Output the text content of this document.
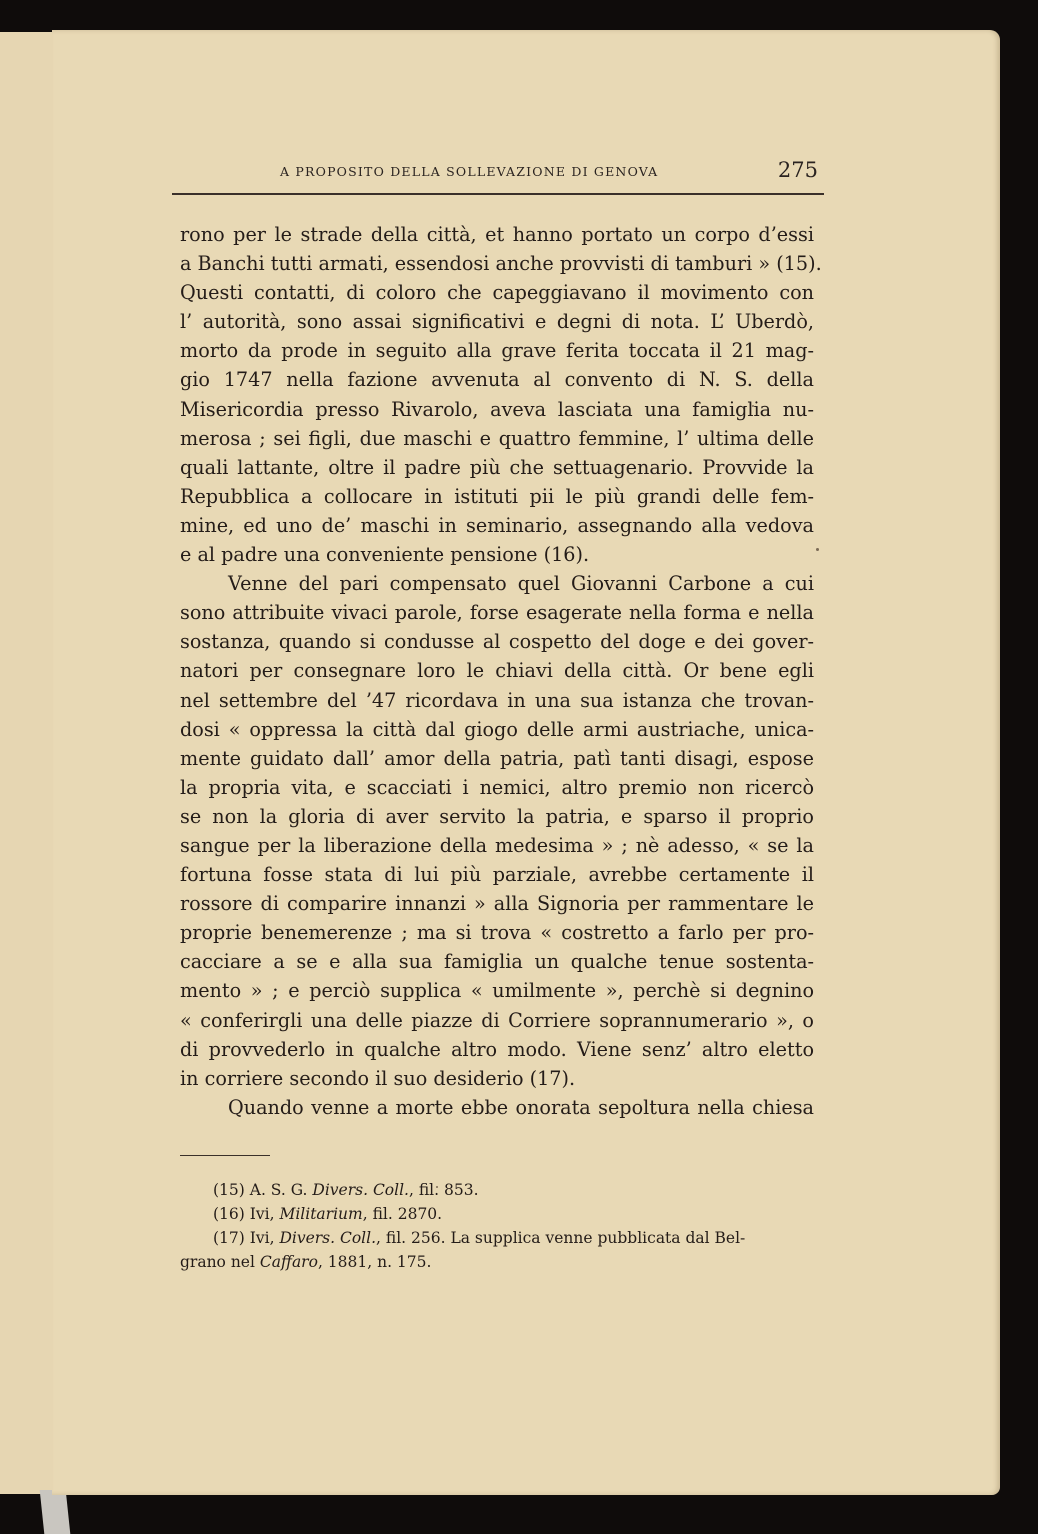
A PROPOSITO DELLA SOLLEVAZIONE DI GENOVA	275
rono per le strade della città, et hanno portato un corpo d’essi
a Banchi tutti armati, essendosi anche provvisti di tamburi » (15).
Questi contatti, di coloro che capeggiavano il movimento con
l’ autorità, sono assai significativi e degni di nota. L’ Uberdò,
morto da prode in seguito alla grave ferita toccata il 21 mag-
gio 1747 nella fazione avvenuta al convento di N. S. della
Misericordia presso Rivarolo, aveva lasciata una famiglia nu-
merosa ; sei figli, due maschi e quattro femmine, l’ ultima delle
quali lattante, oltre il padre più che settuagenario. Provvide la
Repubblica a collocare in istituti pii le più grandi delle fem-
mine, ed uno de’ maschi in seminario, assegnando alla vedova
e al padre una conveniente pensione (16).
Venne del pari compensato quel Giovanni Carbone a cui
sono attribuite vivaci parole, forse esagerate nella forma e nella
sostanza, quando si condusse al cospetto del doge e dei gover-
natori per consegnare loro le chiavi della città. Or bene egli
nel settembre del ’47 ricordava in una sua istanza che trovan-
dosi « oppressa la città dal giogo delle armi austriache, unica-
mente guidato dall’ amor della patria, patì tanti disagi, espose
la propria vita, e scacciati i nemici, altro premio non ricercò
se non la gloria di aver servito la patria, e sparso il proprio
sangue per la liberazione della medesima » ; nè adesso, « se la
fortuna fosse stata di lui più parziale, avrebbe certamente il
rossore di comparire innanzi » alla Signoria per rammentare le
proprie benemerenze ; ma si trova « costretto a farlo per pro-
cacciare a se e alla sua famiglia un qualche tenue sostenta-
mento » ; e perciò supplica « umilmente », perchè si degnino
« conferirgli una delle piazze di Corriere soprannumerario », o
di provvederlo in qualche altro modo. Viene senz’ altro eletto
in corriere secondo il suo desiderio (17).
Quando venne a morte ebbe onorata sepoltura nella chiesa
(15) A. S. G. Divers. Coll., fil. 853.
(16) Ivi, Militarium, fil. 2870.
(17) Ivi, Divers. Coll., fil. 256. La supplica venne pubblicata dal Bel-
grano nel Caffaro, 1881, n. 175.
